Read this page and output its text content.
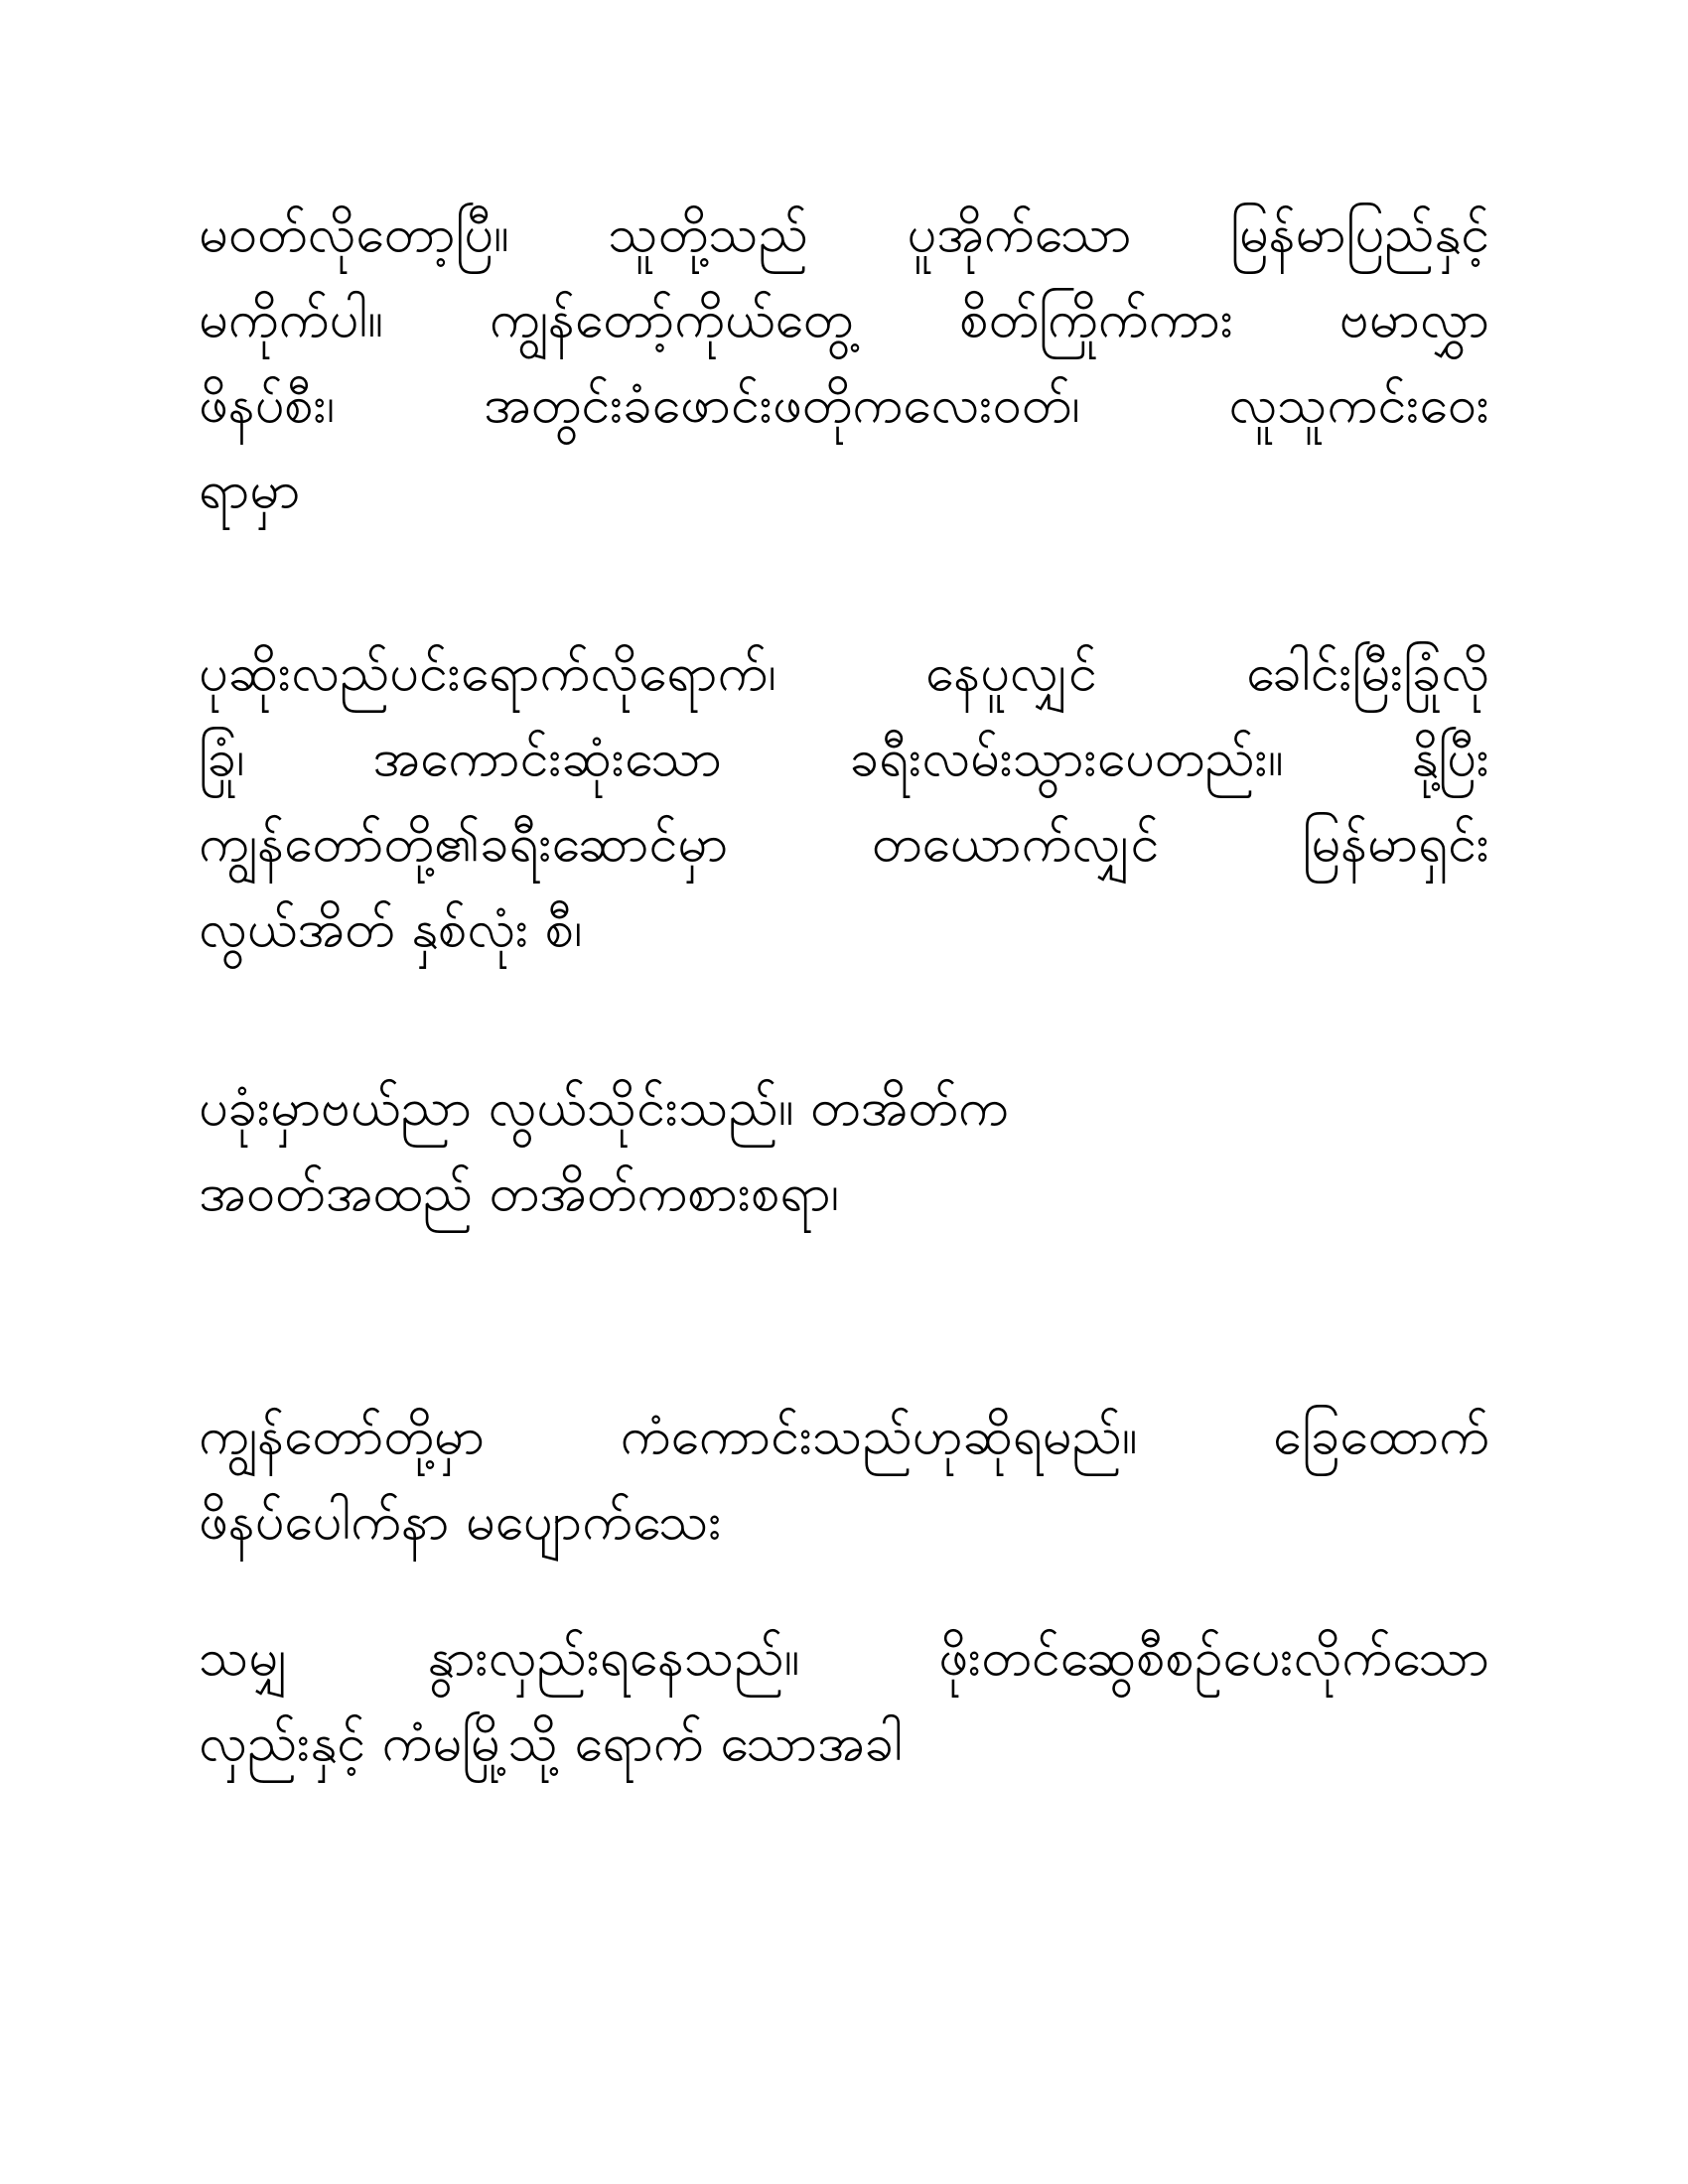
မဝတ်လိုတော့ပြီ။ သူတို့သည် ပူအိုက်သော မြန်မာပြည်နှင့်
မကိုက်ပါ။ ကျွန်တော့်ကိုယ်တွေ့ စိတ်ကြိုက်ကား ဗမာလွှာ
ဖိနပ်စီး၊ အတွင်းခံဖောင်းဖတိုကလေးဝတ်၊ လူသူကင်းဝေး
ရာမှာ
ပုဆိုးလည်ပင်းရောက်လိုရောက်၊ နေပူလျှင် ခေါင်းမြီးခြုံလို
ခြုံ၊ အကောင်းဆုံးသော ခရီးလမ်းသွားပေတည်း။ နို့ပြီး
ကျွန်တော်တို့၏ခရီးဆောင်မှာ တယောက်လျှင် မြန်မာရှင်း
လွယ်အိတ် နှစ်လုံး စီ၊
ပခုံးမှာဗယ်ညာ လွယ်သိုင်းသည်။ တအိတ်က
အဝတ်အထည် တအိတ်ကစားစရာ၊
ကျွန်တော်တို့မှာ ကံကောင်းသည်ဟုဆိုရမည်။ ခြေထောက်
ဖိနပ်ပေါက်နာ မပျောက်သေး
သမျှ နွားလှည်းရနေသည်။ ဖိုးတင်ဆွေစီစဉ်ပေးလိုက်သော
လှည်းနှင့် ကံမမြို့သို့ ရောက် သောအခါ
